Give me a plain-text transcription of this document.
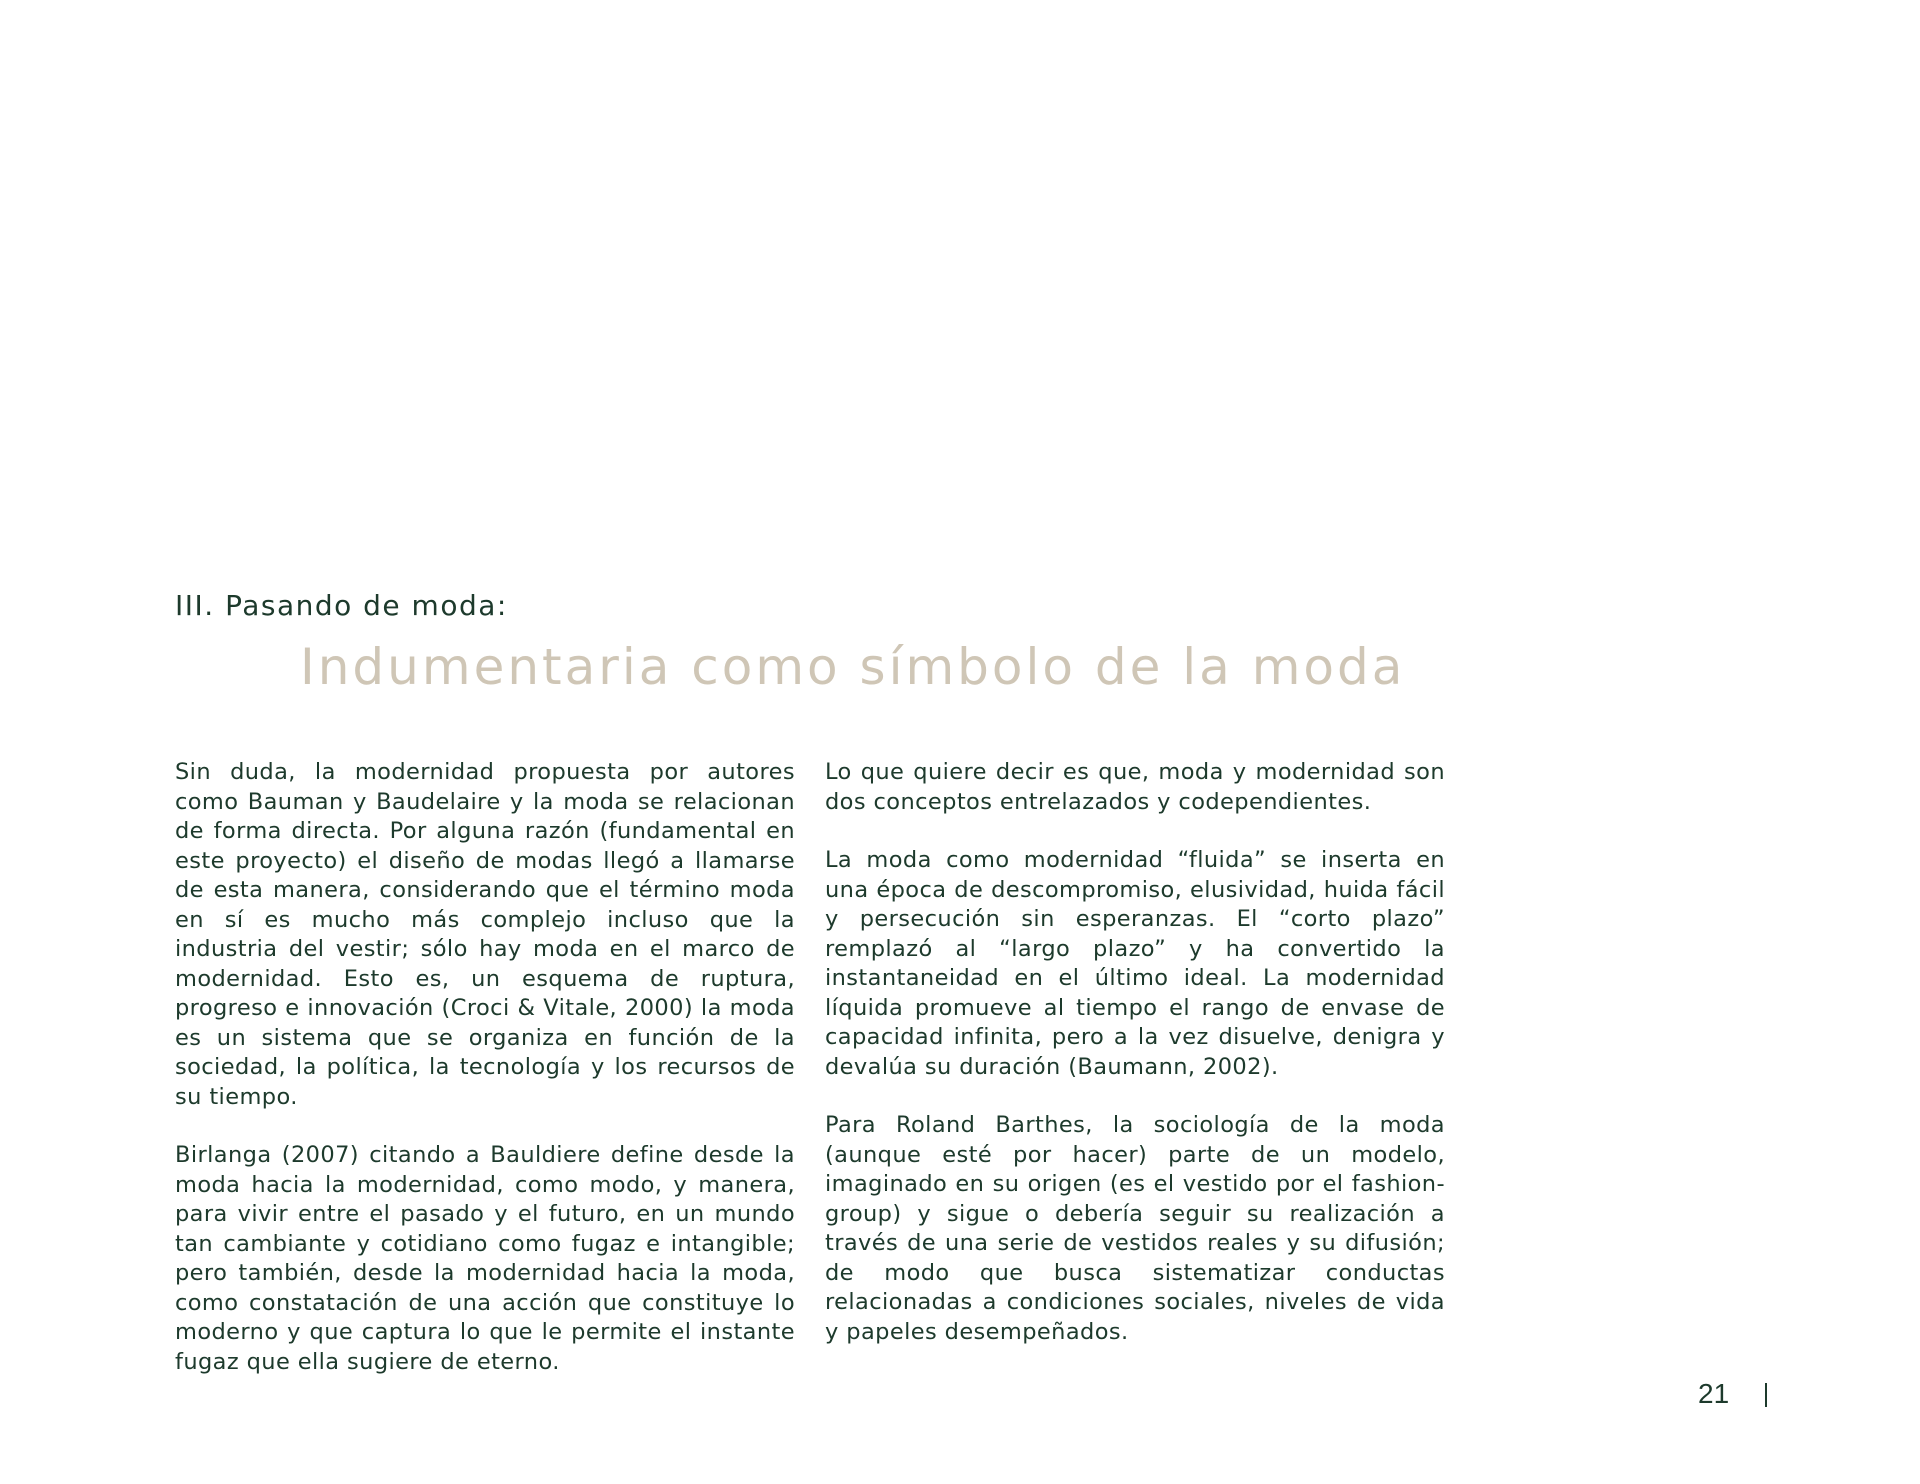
III. Pasando de moda:
Indumentaria como símbolo de la moda

Sin duda, la modernidad propuesta por autores como Bauman y Baudelaire y la moda se relacionan de forma directa. Por alguna razón (fundamental en este proyecto) el diseño de modas llegó a llamarse de esta manera, considerando que el término moda en sí es mucho más complejo incluso que la industria del vestir; sólo hay moda en el marco de modernidad. Esto es, un esquema de ruptura, progreso e innovación (Croci & Vitale, 2000) la moda es un sistema que se organiza en función de la sociedad, la política, la tecnología y los recursos de su tiempo.

Birlanga (2007) citando a Bauldiere define desde la moda hacia la modernidad, como modo, y manera, para vivir entre el pasado y el futuro, en un mundo tan cambiante y cotidiano como fugaz e intangible; pero también, desde la modernidad hacia la moda, como constatación de una acción que constituye lo moderno y que captura lo que le permite el instante fugaz que ella sugiere de eterno.

Lo que quiere decir es que, moda y modernidad son dos conceptos entrelazados y codependientes.

La moda como modernidad “fluida” se inserta en una época de descompromiso, elusividad, huida fácil y persecución sin esperanzas. El “corto plazo” remplazó al “largo plazo” y ha convertido la instantaneidad en el último ideal. La modernidad líquida promueve al tiempo el rango de envase de capacidad infinita, pero a la vez disuelve, denigra y devalúa su duración (Baumann, 2002).

Para Roland Barthes, la sociología de la moda (aunque esté por hacer) parte de un modelo, imaginado en su origen (es el vestido por el fashion-group) y sigue o debería seguir su realización a través de una serie de vestidos reales y su difusión; de modo que busca sistematizar conductas relacionadas a condiciones sociales, niveles de vida y papeles desempeñados.

21
